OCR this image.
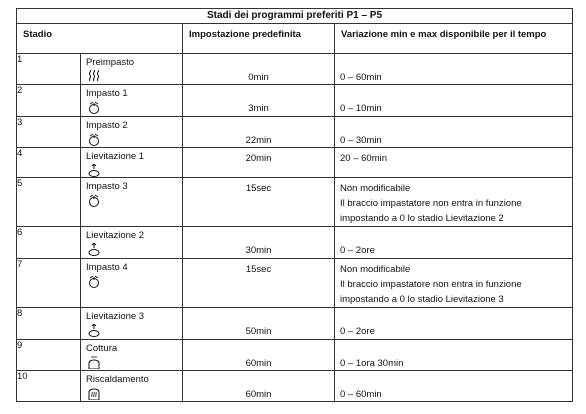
Stadi dei programmi preferiti P1 – P5			

Stadio		Impostazione predefinita	Variazione min e max disponibile per il tempo

1	Preimpasto	0min	0 – 60min

2	Impasto 1	3min	0 – 10min

3	Impasto 2	22min	0 – 30min

4	Lievitazione 1	20min	20 – 60min

5	Impasto 3	15sec	Non modificabile
Il braccio impastatore non entra in funzione
impostando a 0 lo stadio Lievitazione 2

6	Lievitazione 2	30min	0 – 2ore

7	Impasto 4	15sec	Non modificabile
Il braccio impastatore non entra in funzione
impostando a 0 lo stadio Lievitazione 3

8	Lievitazione 3	50min	0 – 2ore

9	Cottura	60min	0 – 1ora 30min

10	Riscaldamento	60min	0 – 60min
